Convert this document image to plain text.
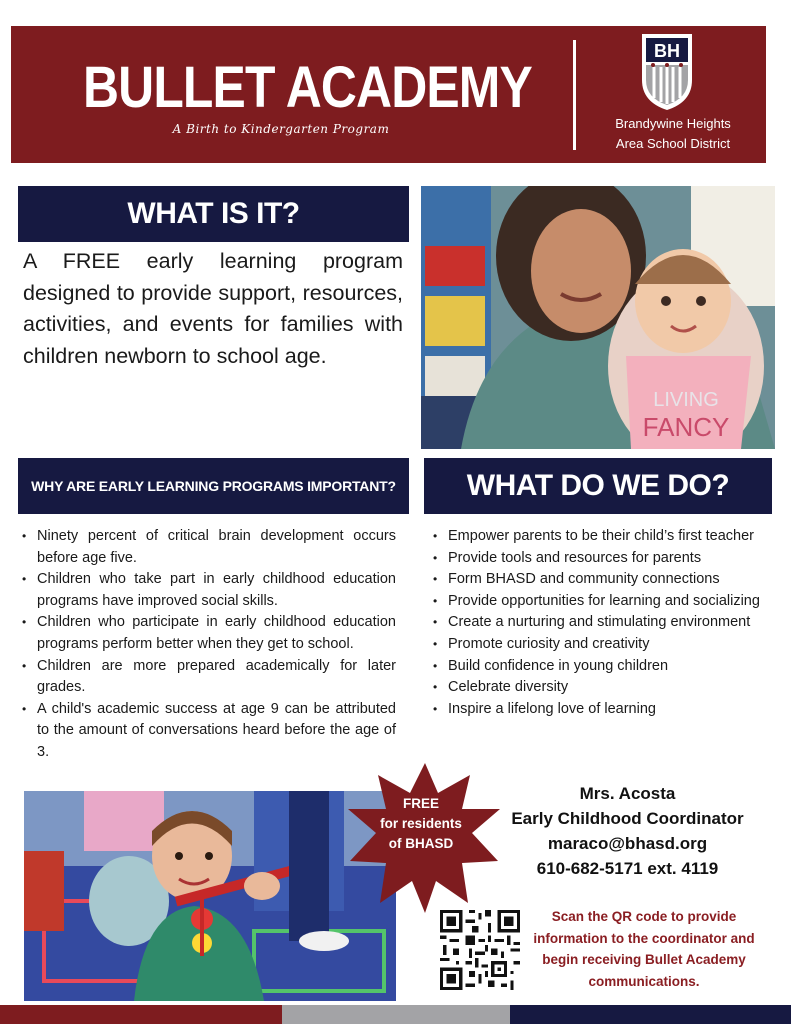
BULLET ACADEMY
A Birth to Kindergarten Program
BH
Brandywine Heights
Area School District
WHAT IS IT?
A FREE early learning program designed to provide support, resources, activities, and events for families with children newborn to school age.
LIVING
FANCY
WHY ARE EARLY LEARNING PROGRAMS IMPORTANT?
• Ninety percent of critical brain development occurs before age five.
• Children who take part in early childhood education programs have improved social skills.
• Children who participate in early childhood education programs perform better when they get to school.
• Children are more prepared academically for later grades.
• A child's academic success at age 9 can be attributed to the amount of conversations heard before the age of 3.
WHAT DO WE DO?
• Empower parents to be their child’s first teacher
• Provide tools and resources for parents
• Form BHASD and community connections
• Provide opportunities for learning and socializing
• Create a nurturing and stimulating environment
• Promote curiosity and creativity
• Build confidence in young children
• Celebrate diversity
• Inspire a lifelong love of learning
FREE
for residents
of BHASD
Mrs. Acosta
Early Childhood Coordinator
maraco@bhasd.org
610-682-5171 ext. 4119
Scan the QR code to provide information to the coordinator and begin receiving Bullet Academy communications.
